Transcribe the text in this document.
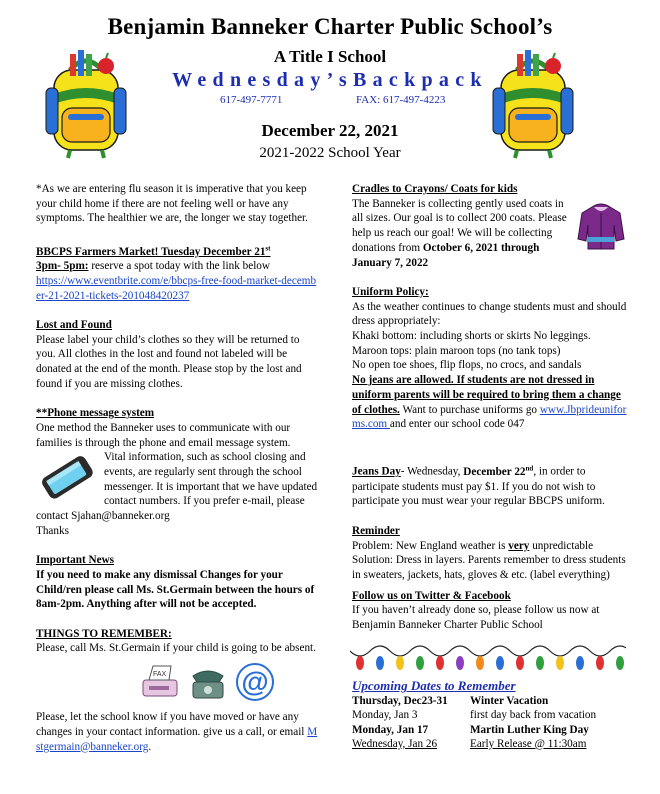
Benjamin Banneker Charter Public School’s
A Title I School
Wednesday’sBackpack
617-497-7771	FAX: 617-497-4223
December 22, 2021
2021-2022 School Year

*As we are entering flu season it is imperative that you keep your child home if there are not feeling well or have any symptoms. The healthier we are, the longer we stay together.

BBCPS Farmers Market! Tuesday December 21st
3pm- 5pm: reserve a spot today with the link below
https://www.eventbrite.com/e/bbcps-free-food-market-december-21-2021-tickets-201048420237

Lost and Found

Please label your child’s clothes so they will be returned to you. All clothes in the lost and found not labeled will be donated at the end of the month. Please stop by the lost and found if you are missing clothes.

**Phone message system

One method the Banneker uses to communicate with our families is through the phone and email message system.

Vital information, such as school closing and events, are regularly sent through the school messenger. It is important that we have updated contact numbers. If you prefer e-mail, please contact Sjahan@banneker.org

Thanks

Important News

If you need to make any dismissal Changes for your Child/ren please call Ms. St.Germain between the hours of 8am-2pm. Anything after will not be accepted.

THINGS TO REMEMBER:

Please, call Ms. St.Germain if your child is going to be absent.

FAX	@

Please, let the school know if you have moved or have any changes in your contact information. give us a call, or email Mstgermain@banneker.org.

Cradles to Crayons/ Coats for kids

The Banneker is collecting gently used coats in all sizes. Our goal is to collect 200 coats. Please help us reach our goal! We will be collecting donations from October 6, 2021 through January 7, 2022

Uniform Policy:

As the weather continues to change students must and should dress appropriately:

Khaki bottom: including shorts or skirts No leggings.

Maroon tops: plain maroon tops (no tank tops)

No open toe shoes, flip flops, no crocs, and sandals

No jeans are allowed. If students are not dressed in uniform parents will be required to bring them a change of clothes. Want to purchase uniforms go www.Jbprideuniforms.com and enter our school code 047

Jeans Day- Wednesday, December 22nd, in order to participate students must pay $1. If you do not wish to participate you must wear your regular BBCPS uniform.

Reminder

Problem: New England weather is very unpredictable

Solution: Dress in layers. Parents remember to dress students in sweaters, jackets, hats, gloves & etc. (label everything)

Follow us on Twitter & Facebook

If you haven’t already done so, please follow us now at Benjamin Banneker Charter Public School

Upcoming Dates to Remember

Thursday, Dec23-31	Winter Vacation
Monday, Jan 3	first day back from vacation
Monday, Jan 17	Martin Luther King Day
Wednesday, Jan 26	Early Release @ 11:30am
